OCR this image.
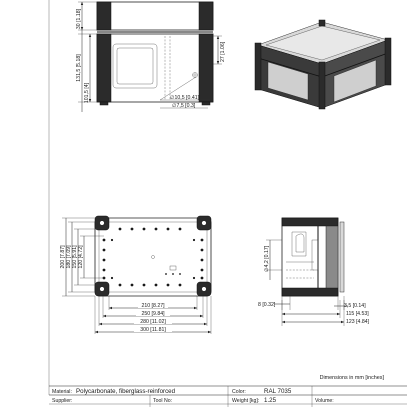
30 [1.18]
131,5 [5.18]
101,5 [4]
27 [1.06]
∅10,5 [0.41]
∅7,5 [0.3]
200 [7.87] 180 [7.09] 150 [5.91] 120 [4.72]
210 [8.27]
250 [9.84]
280 [11.02]
300 [11.81]
∅4,2 [0.17]
8 [0.32]	3,5 [0.14]
115 [4.53]
123 [4.84]
Dimensions in mm [inches]
Material: Polycarbonate, fiberglass-reinforced	Color:	RAL 7035
Supplier:	Tool No:	Weight [kg]: 1.25	Volume:
